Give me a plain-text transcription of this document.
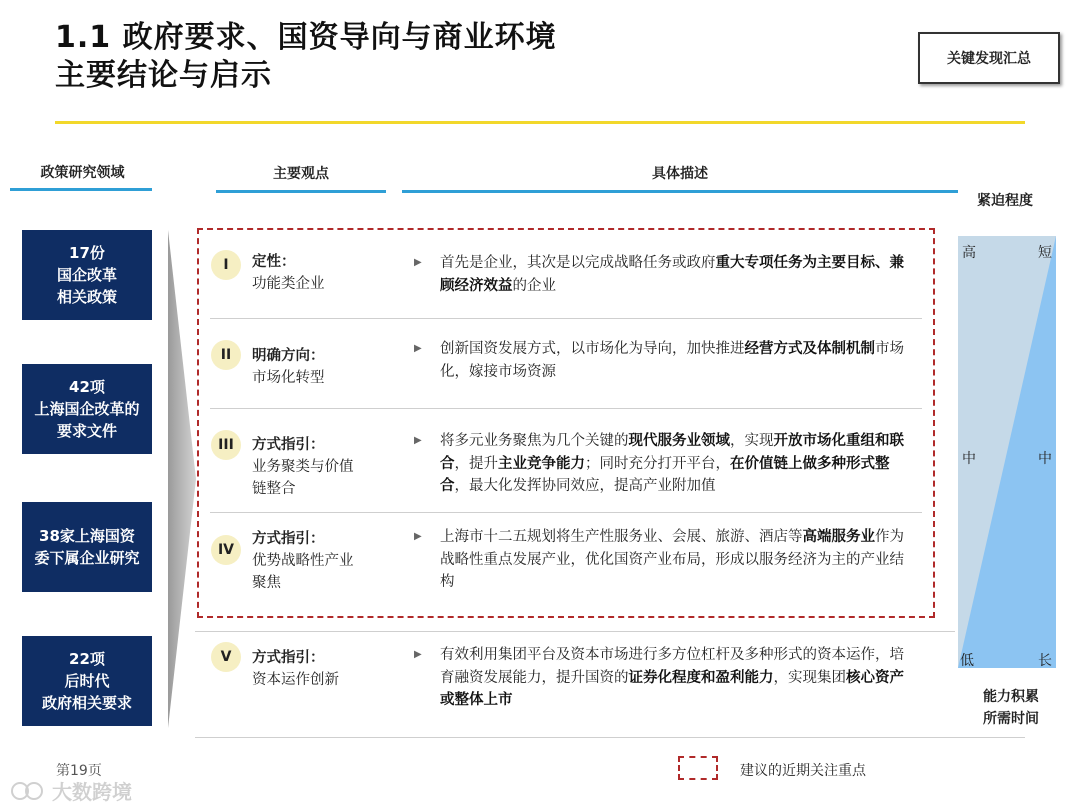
1.1 政府要求、国资导向与商业环境
主要结论与启示	关键发现汇总
政策研究领域	主要观点	具体描述
紧迫程度
17份
国企改革
相关政策
42项
上海国企改革的
要求文件
38家上海国资
委下属企业研究
22项
后时代
政府相关要求
I	定性：
功能类企业
▶ 首先是企业，其次是以完成战略任务或政府重大专项任务为主要目标、兼顾经济效益的企业
II	明确方向：
市场化转型
▶ 创新国资发展方式，以市场化为导向，加快推进经营方式及体制机制市场化，嫁接市场资源
III	方式指引：
业务聚类与价值
链整合
▶ 将多元业务聚焦为几个关键的现代服务业领域，实现开放市场化重组和联合，提升主业竞争能力；同时充分打开平台，在价值链上做多种形式整合，最大化发挥协同效应，提高产业附加值
IV
方式指引：
优势战略性产业
聚焦
▶ 上海市十二五规划将生产性服务业、会展、旅游、酒店等高端服务业作为战略性重点发展产业，优化国资产业布局，形成以服务经济为主的产业结构
V	方式指引：
资本运作创新
▶ 有效利用集团平台及资本市场进行多方位杠杆及多种形式的资本运作，培育融资发展能力，提升国资的证券化程度和盈利能力，实现集团核心资产或整体上市
高	短
中	中
低	长
能力积累
所需时间
第19页
大数跨境
建议的近期关注重点
